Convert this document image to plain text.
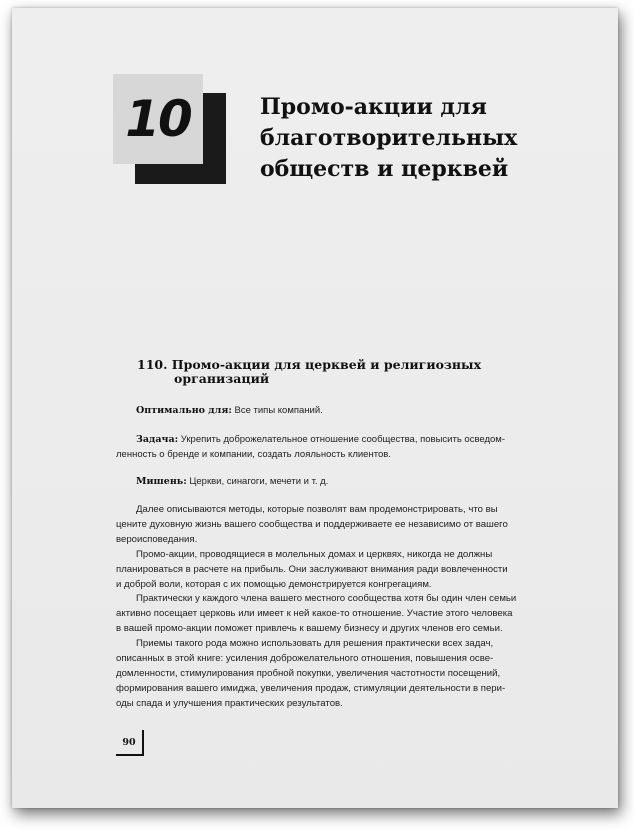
10	Промо-акции для
благотворительных
обществ и церквей
110. Промо-акции для церквей и религиозных
организаций
Оптимально для: Все типы компаний.
Задача: Укрепить доброжелательное отношение сообщества, повысить осведом-
ленность о бренде и компании, создать лояльность клиентов.
Мишень: Церкви, синагоги, мечети и т. д.
Далее описываются методы, которые позволят вам продемонстрировать, что вы
цените духовную жизнь вашего сообщества и поддерживаете ее независимо от вашего
вероисповедания.
Промо-акции, проводящиеся в молельных домах и церквях, никогда не должны
планироваться в расчете на прибыль. Они заслуживают внимания ради вовлеченности
и доброй воли, которая с их помощью демонстрируется конгрегациям.
Практически у каждого члена вашего местного сообщества хотя бы один член семьи
активно посещает церковь или имеет к ней какое-то отношение. Участие этого человека
в вашей промо-акции поможет привлечь к вашему бизнесу и других членов его семьи.
Приемы такого рода можно использовать для решения практически всех задач,
описанных в этой книге: усиления доброжелательного отношения, повышения осве-
домленности, стимулирования пробной покупки, увеличения частотности посещений,
формирования вашего имиджа, увеличения продаж, стимуляции деятельности в пери-
оды спада и улучшения практических результатов.
90
